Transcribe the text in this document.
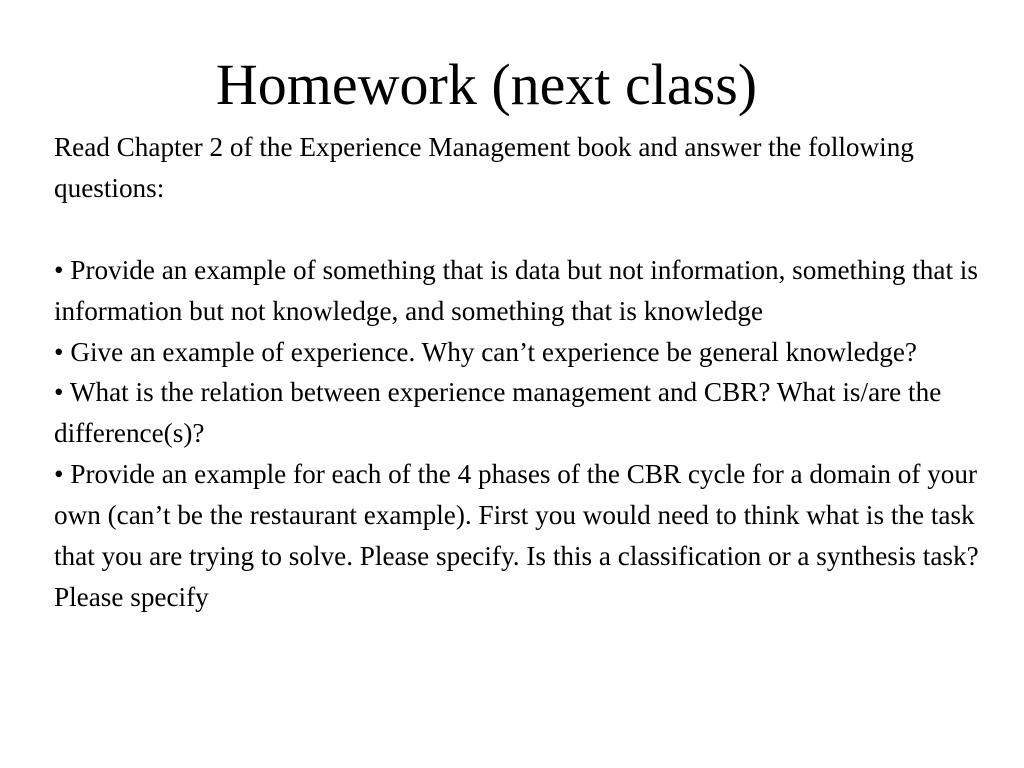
Homework (next class)

Read Chapter 2 of the Experience Management book and answer the following questions:

• Provide an example of something that is data but not information, something that is information but not knowledge, and something that is knowledge
• Give an example of experience. Why can’t experience be general knowledge?
• What is the relation between experience management and CBR? What is/are the difference(s)?
• Provide an example for each of the 4 phases of the CBR cycle for a domain of your own (can’t be the restaurant example). First you would need to think what is the task that you are trying to solve. Please specify. Is this a classification or a synthesis task? Please specify
